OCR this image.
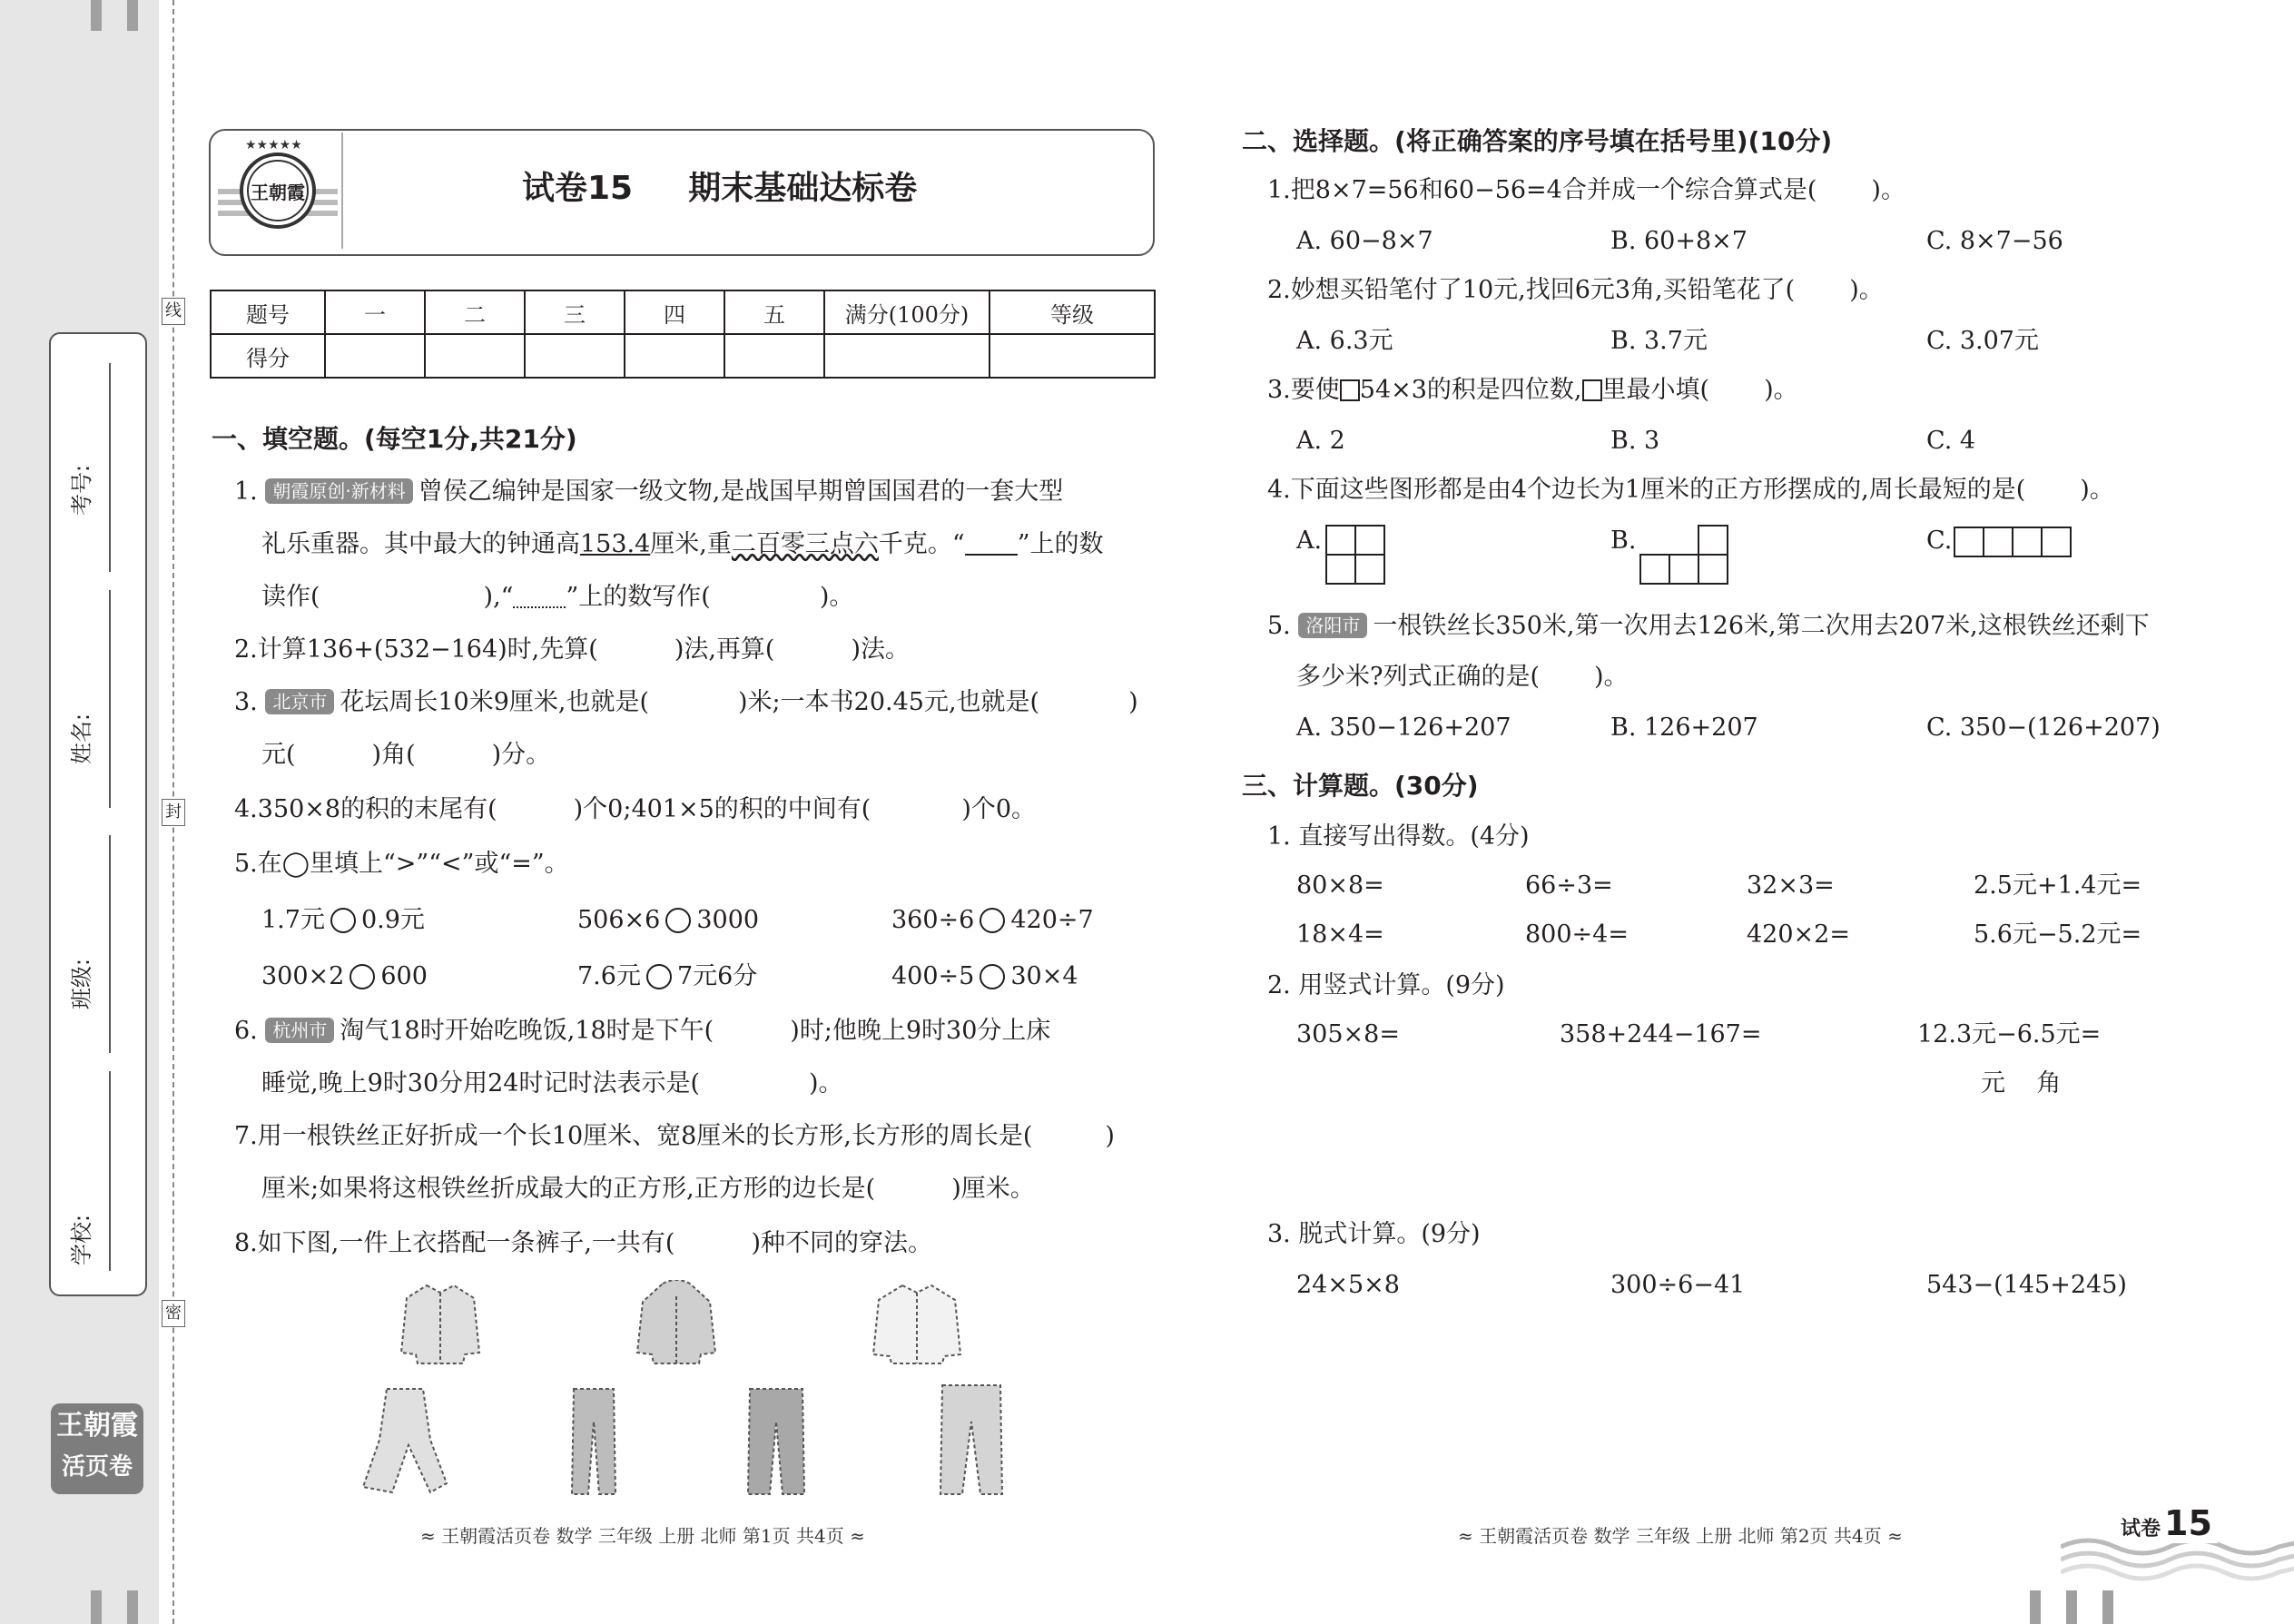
考号:
姓名:
班级:
学校:
线
封
密
王朝霞
活页卷
★★★★★
王朝霞	试卷15 期末基础达标卷
题号	一	二	三	四	五	满分(100分)	等级
得分							
一、填空题。(每空1分,共21分)
1. 朝霞原创·新材料 曾侯乙编钟是国家一级文物,是战国早期曾国国君的一套大型
礼乐重器。其中最大的钟通高153.4厘米,重二百零三点六千克。“ ”上的数
读作(	),“ ”上的数写作(	)。
2.计算136+(532−164)时,先算(	)法,再算(	)法。
3. 北京市 花坛周长10米9厘米,也就是(	)米;一本书20.45元,也就是(	)
元(	)角(	)分。
4.350×8的积的末尾有(	)个0;401×5的积的中间有(	)个0。
5.在◯里填上“>”“<”或“=”。
1.7元 0.9元	506×6 3000	360÷6 420÷7
300×2 600	7.6元 7元6分	400÷5 30×4
6. 杭州市 淘气18时开始吃晚饭,18时是下午(	)时;他晚上9时30分上床
睡觉,晚上9时30分用24时记时法表示是(	)。
7.用一根铁丝正好折成一个长10厘米、宽8厘米的长方形,长方形的周长是(	)
厘米;如果将这根铁丝折成最大的正方形,正方形的边长是(	)厘米。
8.如下图,一件上衣搭配一条裤子,一共有(	)种不同的穿法。
≈ 王朝霞活页卷 数学 三年级 上册 北师 第1页 共4页 ≈
二、选择题。(将正确答案的序号填在括号里)(10分)
1.把8×7=56和60−56=4合并成一个综合算式是( )。
A. 60−8×7	B. 60+8×7	C. 8×7−56
2.妙想买铅笔付了10元,找回6元3角,买铅笔花了( )。
A. 6.3元	B. 3.7元	C. 3.07元
3.要使 54×3的积是四位数, 里最小填( )。
A. 2	B. 3	C. 4
4.下面这些图形都是由4个边长为1厘米的正方形摆成的,周长最短的是( )。
A.

		B.

			C.

5. 洛阳市 一根铁丝长350米,第一次用去126米,第二次用去207米,这根铁丝还剩下
多少米?列式正确的是( )。
A. 350−126+207	B. 126+207	C. 350−(126+207)
三、计算题。(30分)
1. 直接写出得数。(4分)
80×8=	66÷3=	32×3=	2.5元+1.4元=
18×4=	800÷4=	420×2=	5.6元−5.2元=
2. 用竖式计算。(9分)
305×8=	358+244−167=	12.3元−6.5元=
元    角
3. 脱式计算。(9分)
24×5×8	300÷6−41	543−(145+245)
≈ 王朝霞活页卷 数学 三年级 上册 北师 第2页 共4页 ≈	试卷 15
